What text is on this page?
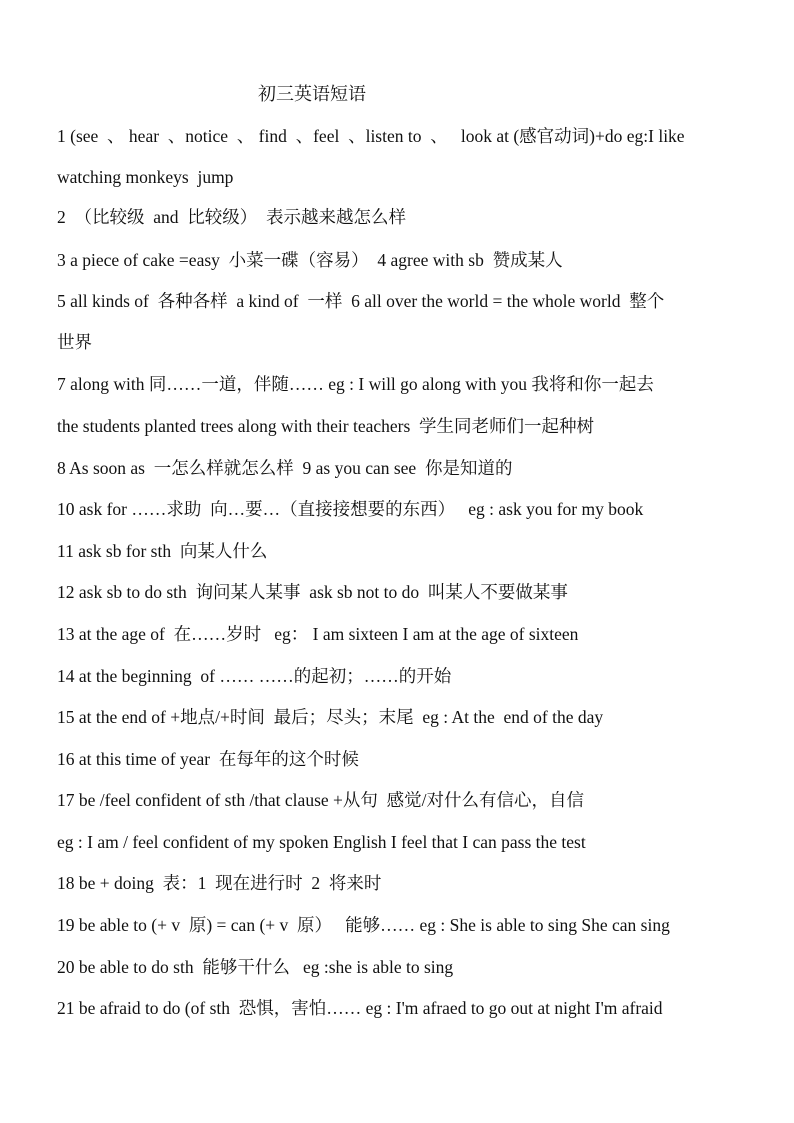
初三英语短语
1 (see  、 hear  、notice  、 find  、feel  、listen to  、   look at (感官动词)+do eg:I like
watching monkeys  jump
2  （比较级  and  比较级）  表示越来越怎么样
3 a piece of cake =easy  小菜一碟（容易）  4 agree with sb  赞成某人
5 all kinds of  各种各样  a kind of  一样  6 all over the world = the whole world  整个
世界
7 along with 同……一道，伴随…… eg : I will go along with you 我将和你一起去
the students planted trees along with their teachers  学生同老师们一起种树
8 As soon as  一怎么样就怎么样  9 as you can see  你是知道的
10 ask for ……求助  向…要…（直接接想要的东西）   eg : ask you for my book
11 ask sb for sth  向某人什么
12 ask sb to do sth  询问某人某事  ask sb not to do  叫某人不要做某事
13 at the age of  在……岁时   eg： I am sixteen I am at the age of sixteen
14 at the beginning  of …… ……的起初；……的开始
15 at the end of +地点/+时间  最后；尽头；末尾  eg : At the  end of the day
16 at this time of year  在每年的这个时候
17 be /feel confident of sth /that clause +从句  感觉/对什么有信心，自信
eg : I am / feel confident of my spoken English I feel that I can pass the test
18 be + doing  表：1  现在进行时  2  将来时
19 be able to (+ v  原) = can (+ v  原）   能够…… eg : She is able to sing She can sing
20 be able to do sth  能够干什么   eg :she is able to sing
21 be afraid to do (of sth  恐惧，害怕…… eg : I'm afraed to go out at night I'm afraid
